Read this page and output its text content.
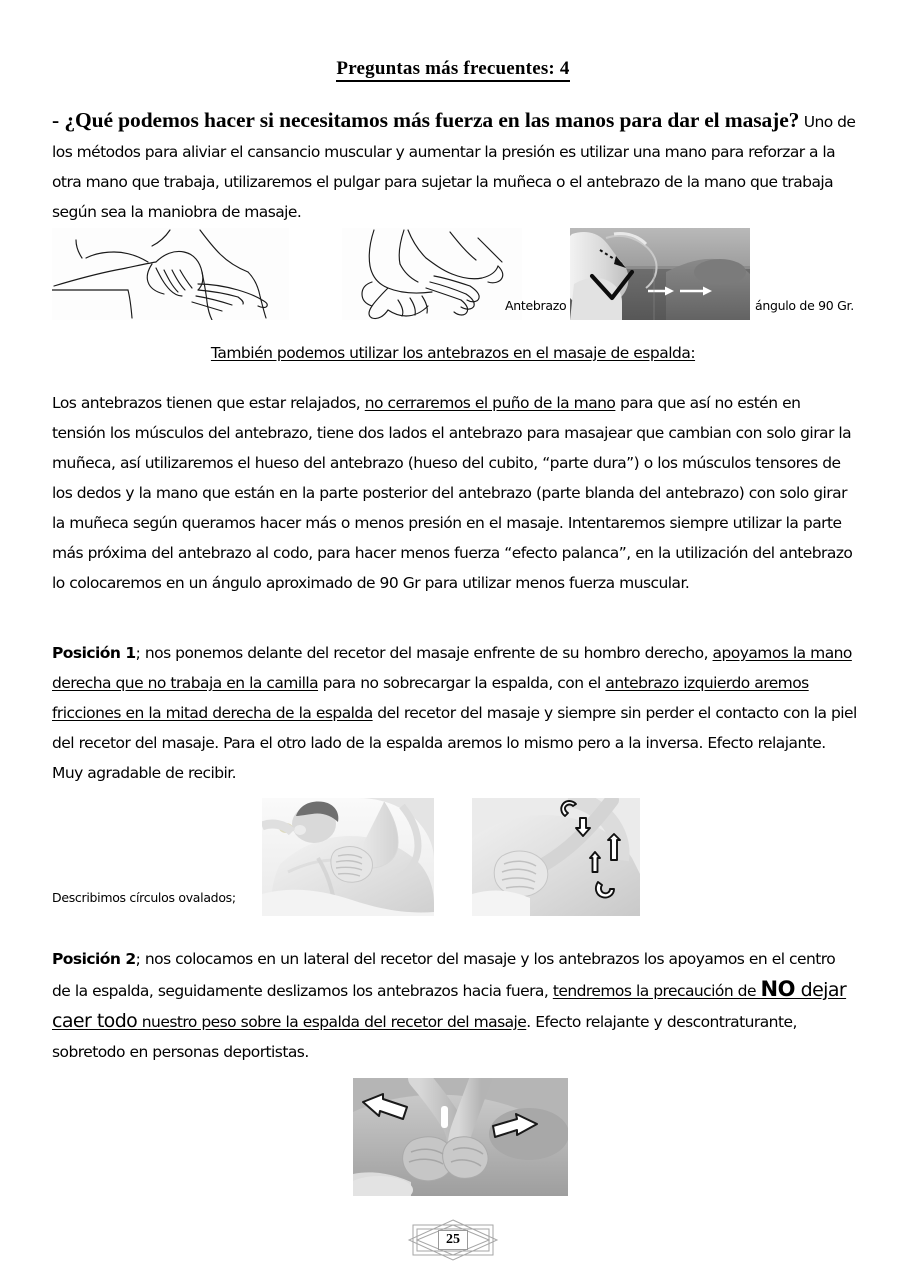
Preguntas más frecuentes: 4
- ¿Qué podemos hacer si necesitamos más fuerza en las manos para dar el masaje? Uno de los métodos para aliviar el cansancio muscular y aumentar la presión es utilizar una mano para reforzar a la otra mano que trabaja, utilizaremos el pulgar para sujetar la muñeca o el antebrazo de la mano que trabaja según sea la maniobra de masaje.
Antebrazo	ángulo de 90 Gr.
También podemos utilizar los antebrazos en el masaje de espalda:
Los antebrazos tienen que estar relajados, no cerraremos el puño de la mano para que así no estén en tensión los músculos del antebrazo, tiene dos lados el antebrazo para masajear que cambian con solo girar la muñeca, así utilizaremos el hueso del antebrazo (hueso del cubito, “parte dura”) o los músculos tensores de los dedos y la mano que están en la parte posterior del antebrazo (parte blanda del antebrazo) con solo girar la muñeca según queramos hacer más o menos presión en el masaje. Intentaremos siempre utilizar la parte más próxima del antebrazo al codo, para hacer menos fuerza “efecto palanca”, en la utilización del antebrazo lo colocaremos en un ángulo aproximado de 90 Gr para utilizar menos fuerza muscular.
Posición 1; nos ponemos delante del recetor del masaje enfrente de su hombro derecho, apoyamos la mano derecha que no trabaja en la camilla para no sobrecargar la espalda, con el antebrazo izquierdo aremos fricciones en la mitad derecha de la espalda del recetor del masaje y siempre sin perder el contacto con la piel del recetor del masaje. Para el otro lado de la espalda aremos lo mismo pero a la inversa. Efecto relajante. Muy agradable de recibir.
Describimos círculos ovalados;
Posición 2; nos colocamos en un lateral del recetor del masaje y los antebrazos los apoyamos en el centro de la espalda, seguidamente deslizamos los antebrazos hacia fuera, tendremos la precaución de NO dejar caer todo nuestro peso sobre la espalda del recetor del masaje. Efecto relajante y descontraturante, sobretodo en personas deportistas.
25
